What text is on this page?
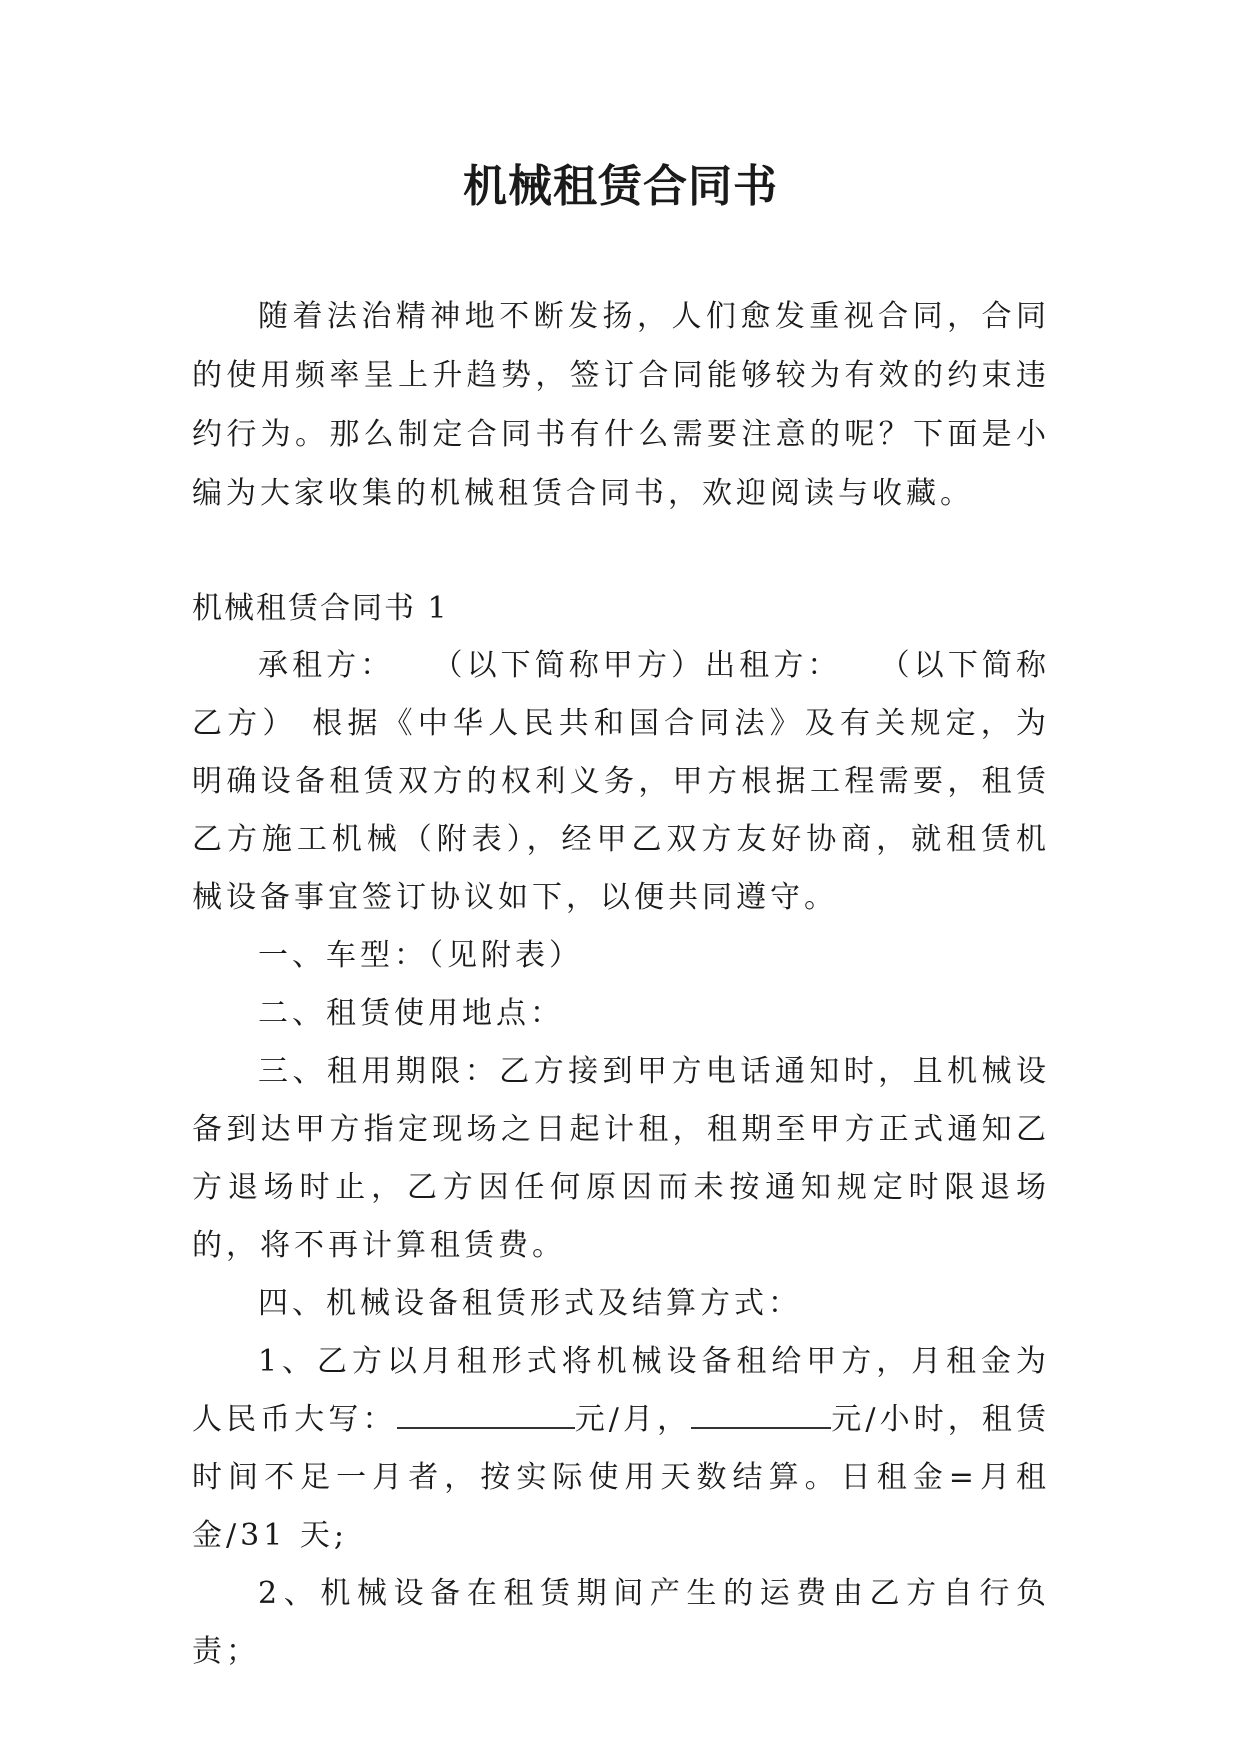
机械租赁合同书

随着法治精神地不断发扬，人们愈发重视合同，合同的使用频率呈上升趋势，签订合同能够较为有效的约束违约行为。那么制定合同书有什么需要注意的呢？下面是小编为大家收集的机械租赁合同书，欢迎阅读与收藏。

机械租赁合同书 1

承租方：　　（以下简称甲方）出租方：　　（以下简称乙方） 根据《中华人民共和国合同法》及有关规定，为明确设备租赁双方的权利义务，甲方根据工程需要，租赁乙方施工机械（附表），经甲乙双方友好协商，就租赁机械设备事宜签订协议如下，以便共同遵守。

一、车型：（见附表）

二、租赁使用地点：

三、租用期限：乙方接到甲方电话通知时，且机械设备到达甲方指定现场之日起计租，租期至甲方正式通知乙方退场时止，乙方因任何原因而未按通知规定时限退场的，将不再计算租赁费。

四、机械设备租赁形式及结算方式：

1、乙方以月租形式将机械设备租给甲方，月租金为人民币大写：	元/月，	元/小时，租赁时间不足一月者，按实际使用天数结算。日租金=月租金/31 天;

2、机械设备在租赁期间产生的运费由乙方自行负责；
